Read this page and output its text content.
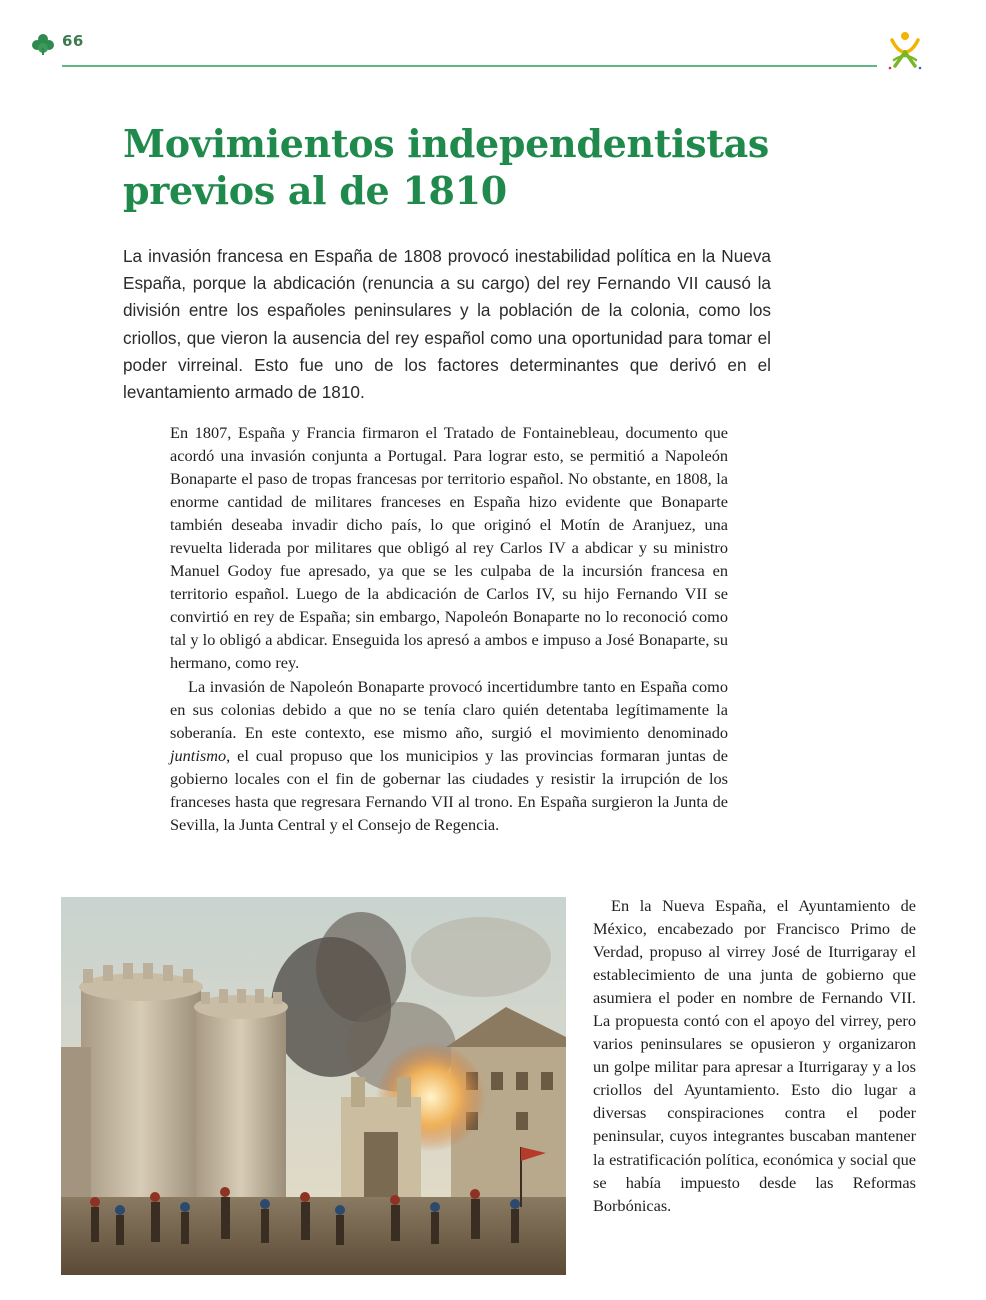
66
Movimientos independentistas previos al de 1810

La invasión francesa en España de 1808 provocó inestabilidad política en la Nueva España, porque la abdicación (renuncia a su cargo) del rey Fernando VII causó la división entre los españoles peninsulares y la población de la colonia, como los criollos, que vieron la ausencia del rey español como una oportunidad para tomar el poder virreinal. Esto fue uno de los factores determinantes que derivó en el levantamiento armado de 1810.

En 1807, España y Francia firmaron el Tratado de Fontainebleau, documento que acordó una invasión conjunta a Portugal. Para lograr esto, se permitió a Napoleón Bonaparte el paso de tropas francesas por territorio español. No obstante, en 1808, la enorme cantidad de militares franceses en España hizo evidente que Bonaparte también deseaba invadir dicho país, lo que originó el Motín de Aranjuez, una revuelta liderada por militares que obligó al rey Carlos IV a abdicar y su ministro Manuel Godoy fue apresado, ya que se les culpaba de la incursión francesa en territorio español. Luego de la abdicación de Carlos IV, su hijo Fernando VII se convirtió en rey de España; sin embargo, Napoleón Bonaparte no lo reconoció como tal y lo obligó a abdicar. Enseguida los apresó a ambos e impuso a José Bonaparte, su hermano, como rey.

La invasión de Napoleón Bonaparte provocó incertidumbre tanto en España como en sus colonias debido a que no se tenía claro quién detentaba legítimamente la soberanía. En este contexto, ese mismo año, surgió el movimiento denominado juntismo, el cual propuso que los municipios y las provincias formaran juntas de gobierno locales con el fin de gobernar las ciudades y resistir la irrupción de los franceses hasta que regresara Fernando VII al trono. En España surgieron la Junta de Sevilla, la Junta Central y el Consejo de Regencia.

En la Nueva España, el Ayuntamiento de México, encabezado por Francisco Primo de Verdad, propuso al virrey José de Iturrigaray el establecimiento de una junta de gobierno que asumiera el poder en nombre de Fernando VII. La propuesta contó con el apoyo del virrey, pero varios peninsulares se opusieron y organizaron un golpe militar para apresar a Iturrigaray y a los criollos del Ayuntamiento. Esto dio lugar a diversas conspiraciones contra el poder peninsular, cuyos integrantes buscaban mantener la estratificación política, económica y social que se había impuesto desde las Reformas Borbónicas.
